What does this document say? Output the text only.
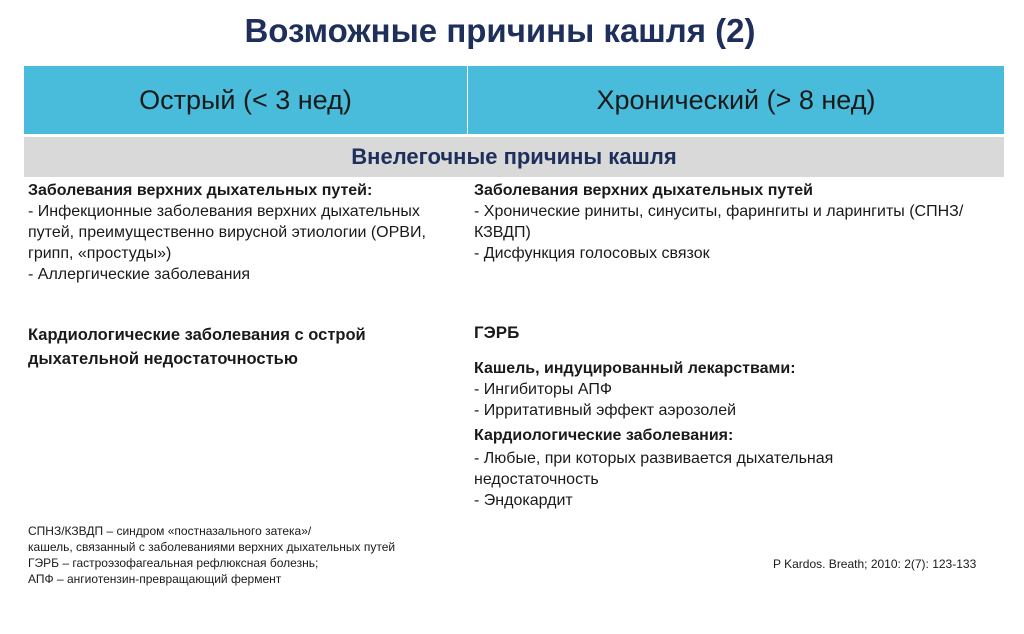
Возможные причины кашля (2)
Острый (< 3 нед)	Хронический (> 8 нед)
Внелегочные причины кашля
Заболевания верхних дыхательных путей:
- Инфекционные заболевания верхних дыхательных путей, преимущественно вирусной этиологии (ОРВИ, грипп, «простуды»)
- Аллергические заболевания
Кардиологические заболевания с острой дыхательной недостаточностью
Заболевания верхних дыхательных путей
- Хронические риниты, синуситы, фарингиты и ларингиты (СПНЗ/КЗВДП)
- Дисфункция голосовых связок
ГЭРБ
Кашель, индуцированный лекарствами:
- Ингибиторы АПФ
- Ирритативный эффект аэрозолей
Кардиологические заболевания:
- Любые, при которых развивается дыхательная недостаточность
- Эндокардит
СПНЗ/КЗВДП – синдром «постназального затека»/
кашель, связанный с заболеваниями верхних дыхательных путей
ГЭРБ – гастроэзофагеальная рефлюксная болезнь;
АПФ – ангиотензин-превращающий фермент
P Kardos. Breath; 2010: 2(7): 123-133
